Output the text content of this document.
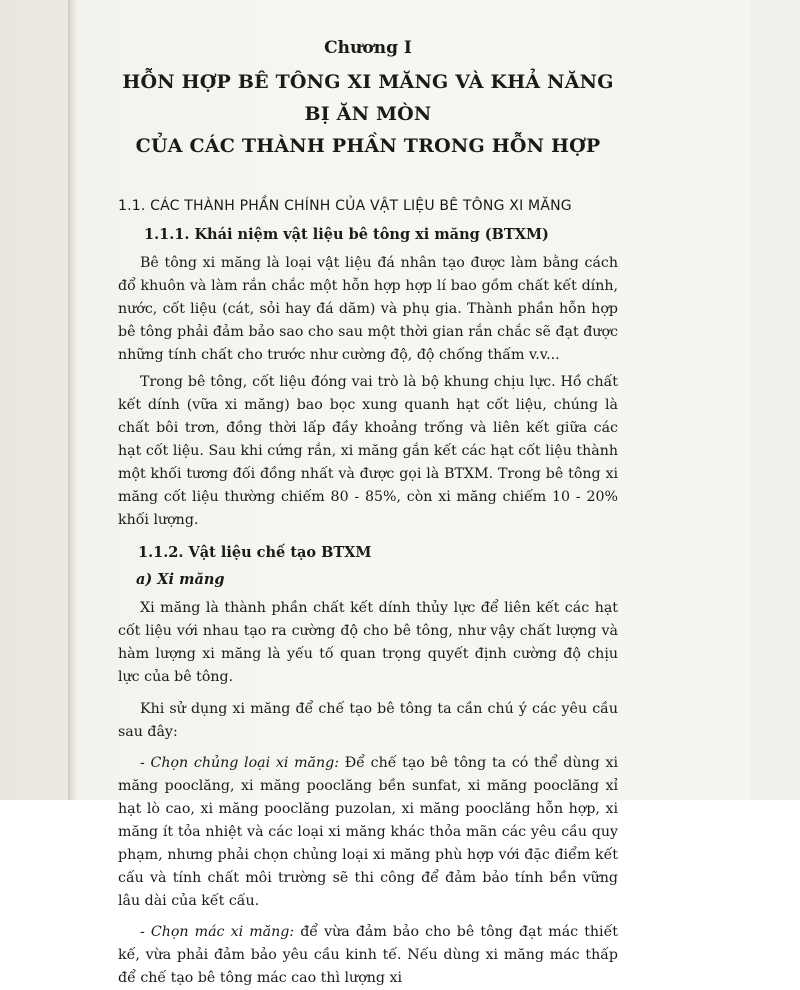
Chương I
HỖN HỢP BÊ TÔNG XI MĂNG VÀ KHẢ NĂNG BỊ ĂN MÒN
CỦA CÁC THÀNH PHẦN TRONG HỖN HỢP
1.1. CÁC THÀNH PHẦN CHÍNH CỦA VẬT LIỆU BÊ TÔNG XI MĂNG
1.1.1. Khái niệm vật liệu bê tông xi măng (BTXM)
Bê tông xi măng là loại vật liệu đá nhân tạo được làm bằng cách đổ khuôn và làm rắn chắc một hỗn hợp hợp lí bao gồm chất kết dính, nước, cốt liệu (cát, sỏi hay đá dăm) và phụ gia. Thành phần hỗn hợp bê tông phải đảm bảo sao cho sau một thời gian rắn chắc sẽ đạt được những tính chất cho trước như cường độ, độ chống thấm v.v...
Trong bê tông, cốt liệu đóng vai trò là bộ khung chịu lực. Hồ chất kết dính (vữa xi măng) bao bọc xung quanh hạt cốt liệu, chúng là chất bôi trơn, đồng thời lấp đầy khoảng trống và liên kết giữa các hạt cốt liệu. Sau khi cứng rắn, xi măng gắn kết các hạt cốt liệu thành một khối tương đối đồng nhất và được gọi là BTXM. Trong bê tông xi măng cốt liệu thường chiếm 80 - 85%, còn xi măng chiếm 10 - 20% khối lượng.
1.1.2. Vật liệu chế tạo BTXM
a) Xi măng
Xi măng là thành phần chất kết dính thủy lực để liên kết các hạt cốt liệu với nhau tạo ra cường độ cho bê tông, như vậy chất lượng và hàm lượng xi măng là yếu tố quan trọng quyết định cường độ chịu lực của bê tông.
Khi sử dụng xi măng để chế tạo bê tông ta cần chú ý các yêu cầu sau đây:
- Chọn chủng loại xi măng: Để chế tạo bê tông ta có thể dùng xi măng pooclăng, xi măng pooclăng bền sunfat, xi măng pooclăng xỉ hạt lò cao, xi măng pooclăng puzolan, xi măng pooclăng hỗn hợp, xi măng ít tỏa nhiệt và các loại xi măng khác thỏa mãn các yêu cầu quy phạm, nhưng phải chọn chủng loại xi măng phù hợp với đặc điểm kết cấu và tính chất môi trường sẽ thi công để đảm bảo tính bền vững lâu dài của kết cấu.
- Chọn mác xi măng: để vừa đảm bảo cho bê tông đạt mác thiết kế, vừa phải đảm bảo yêu cầu kinh tế. Nếu dùng xi măng mác thấp để chế tạo bê tông mác cao thì lượng xi
